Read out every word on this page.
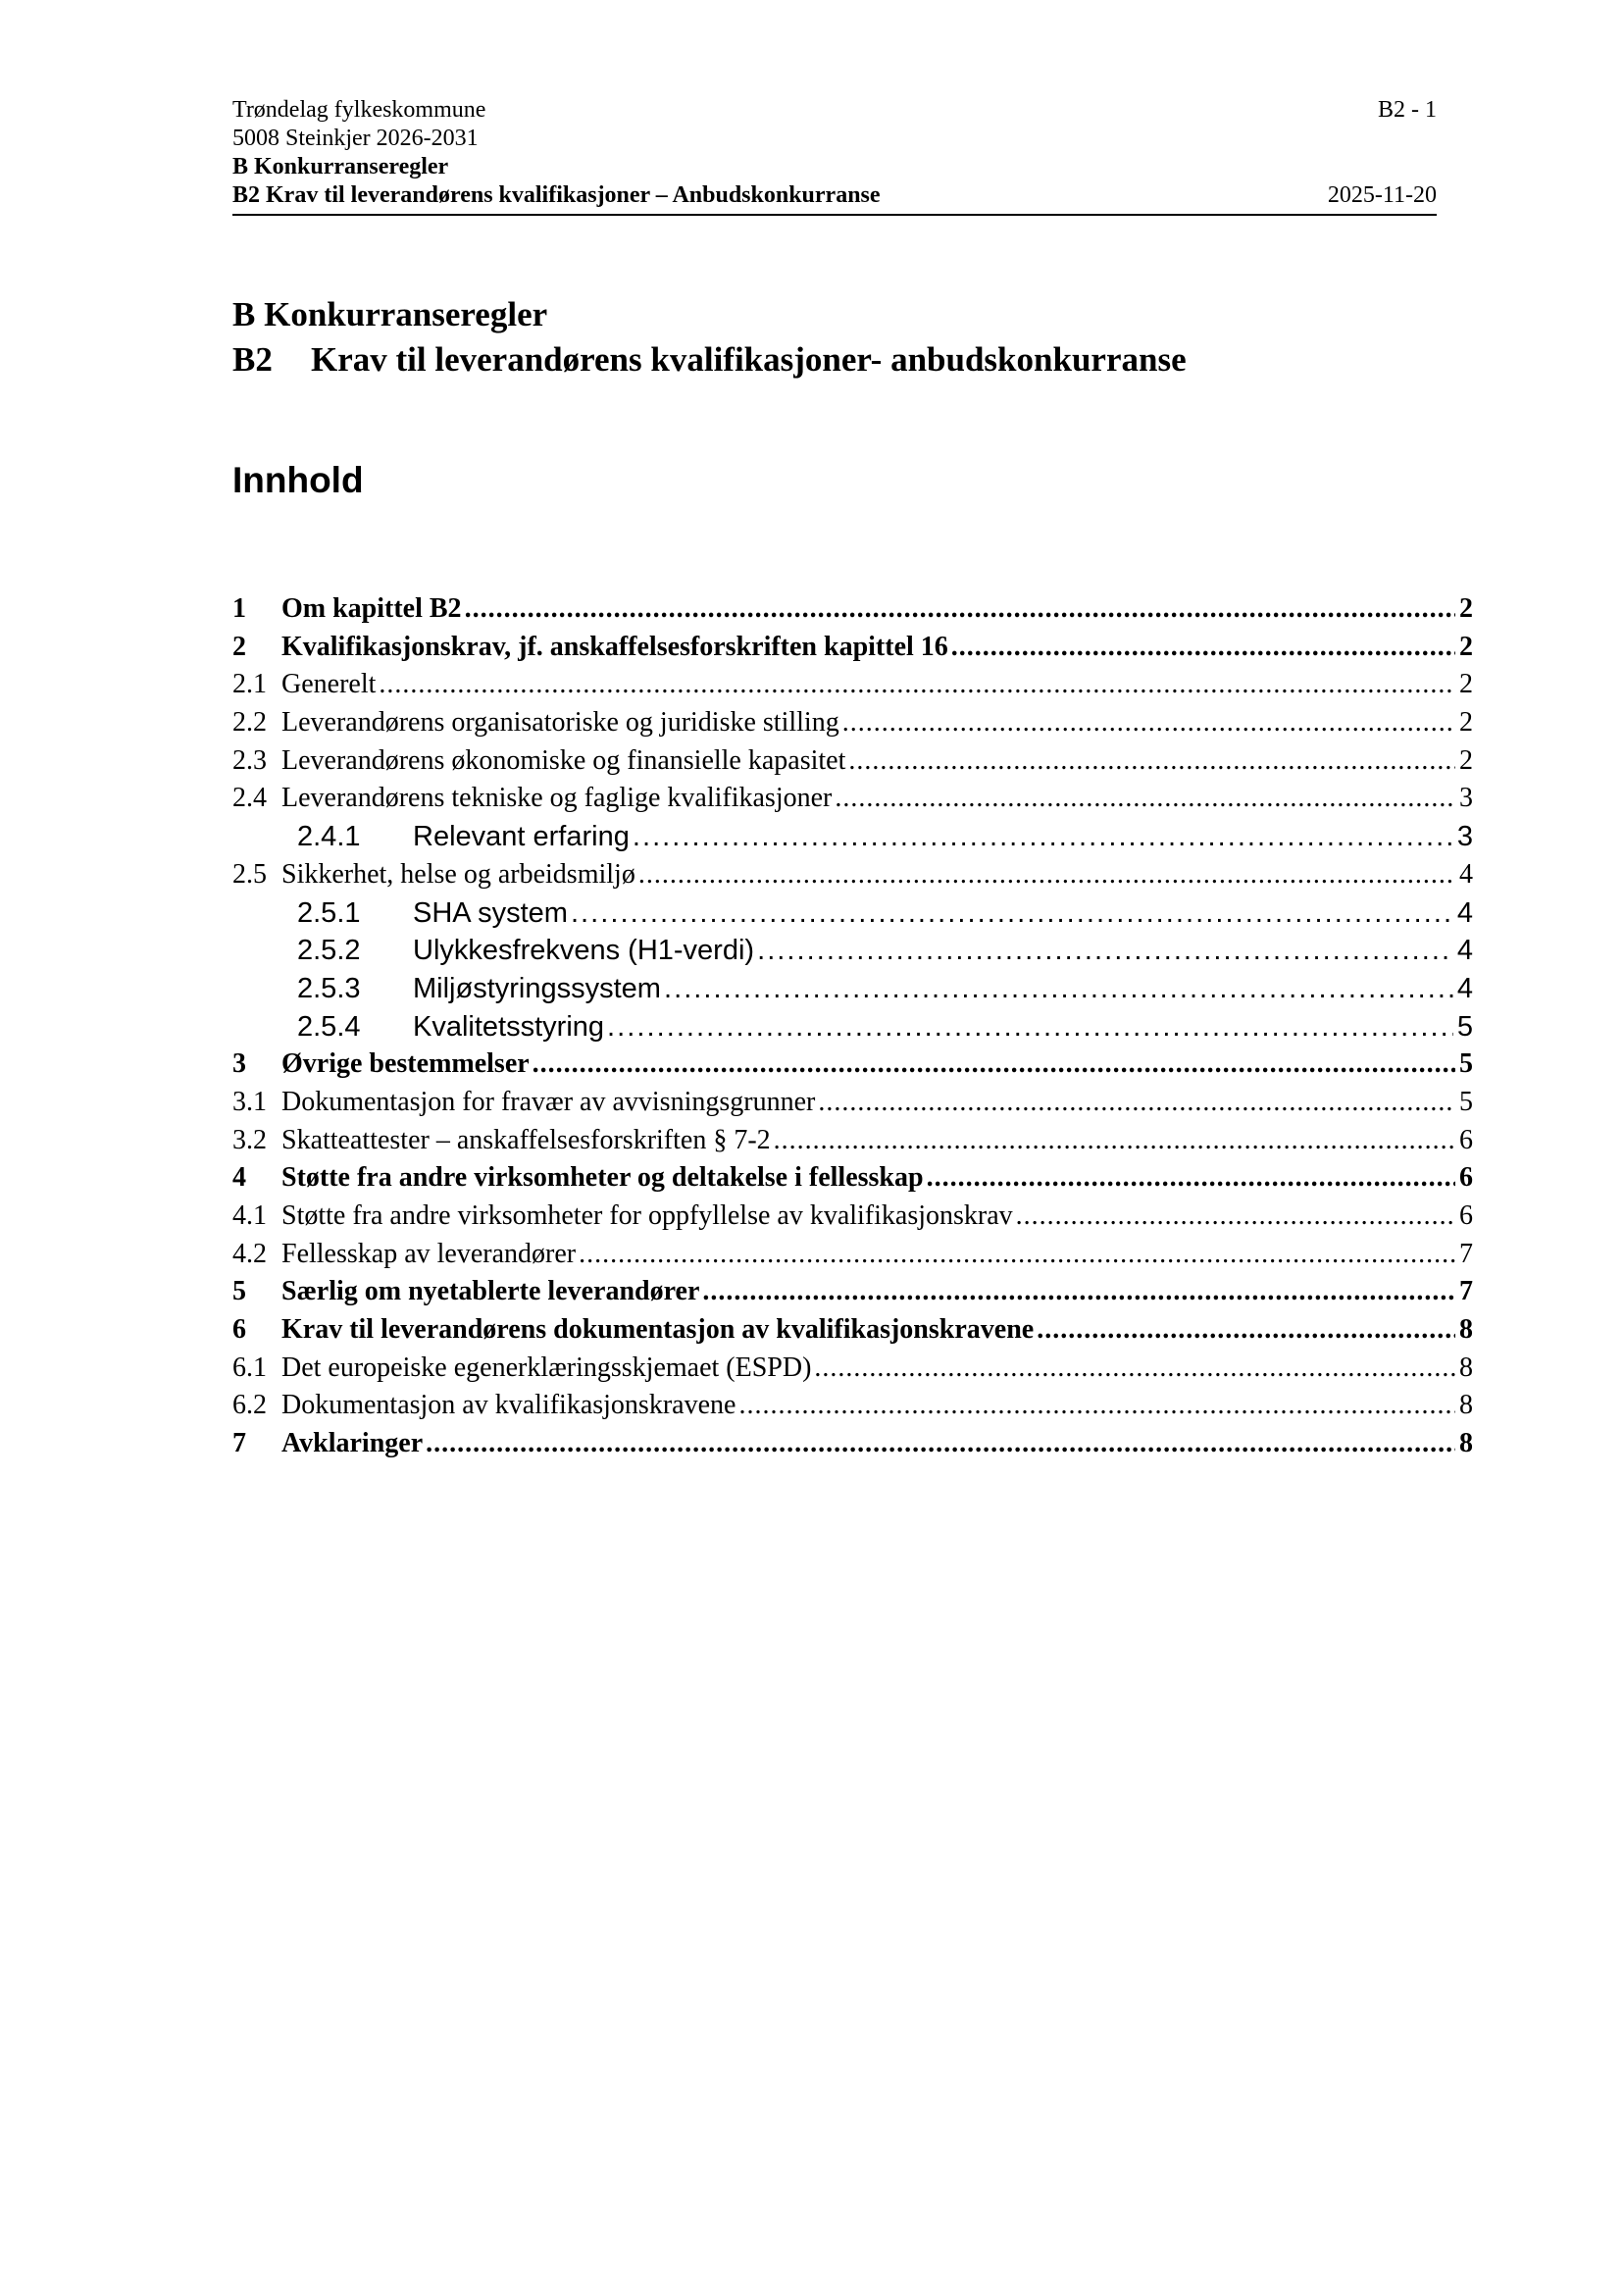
Trøndelag fylkeskommune	B2 - 1
5008 Steinkjer 2026-2031
B Konkurranseregler
B2 Krav til leverandørens kvalifikasjoner – Anbudskonkurranse	2025-11-20
B Konkurranseregler
B2 Krav til leverandørens kvalifikasjoner- anbudskonkurranse
Innhold
1	Om kapittel B2 . . .	2
2	Kvalifikasjonskrav, jf. anskaffelsesforskriften kapittel 16 . . .	2
2.1 Generelt . . .	2
2.2 Leverandørens organisatoriske og juridiske stilling . . .	2
2.3 Leverandørens økonomiske og finansielle kapasitet . . .	2
2.4 Leverandørens tekniske og faglige kvalifikasjoner . . .	3
2.4.1	Relevant erfaring . . .	3
2.5 Sikkerhet, helse og arbeidsmiljø . . .	4
2.5.1	SHA system . . .	4
2.5.2	Ulykkesfrekvens (H1-verdi) . . .	4
2.5.3	Miljøstyringssystem . . .	4
2.5.4	Kvalitetsstyring . . .	5
3	Øvrige bestemmelser . . .	5
3.1 Dokumentasjon for fravær av avvisningsgrunner . . .	5
3.2 Skatteattester – anskaffelsesforskriften § 7-2 . . .	6
4	Støtte fra andre virksomheter og deltakelse i fellesskap . . .	6
4.1 Støtte fra andre virksomheter for oppfyllelse av kvalifikasjonskrav . . .	6
4.2 Fellesskap av leverandører . . .	7
5	Særlig om nyetablerte leverandører . . .	7
6	Krav til leverandørens dokumentasjon av kvalifikasjonskravene . . .	8
6.1 Det europeiske egenerklæringsskjemaet (ESPD) . . .	8
6.2 Dokumentasjon av kvalifikasjonskravene . . .	8
7	Avklaringer . . .	8
